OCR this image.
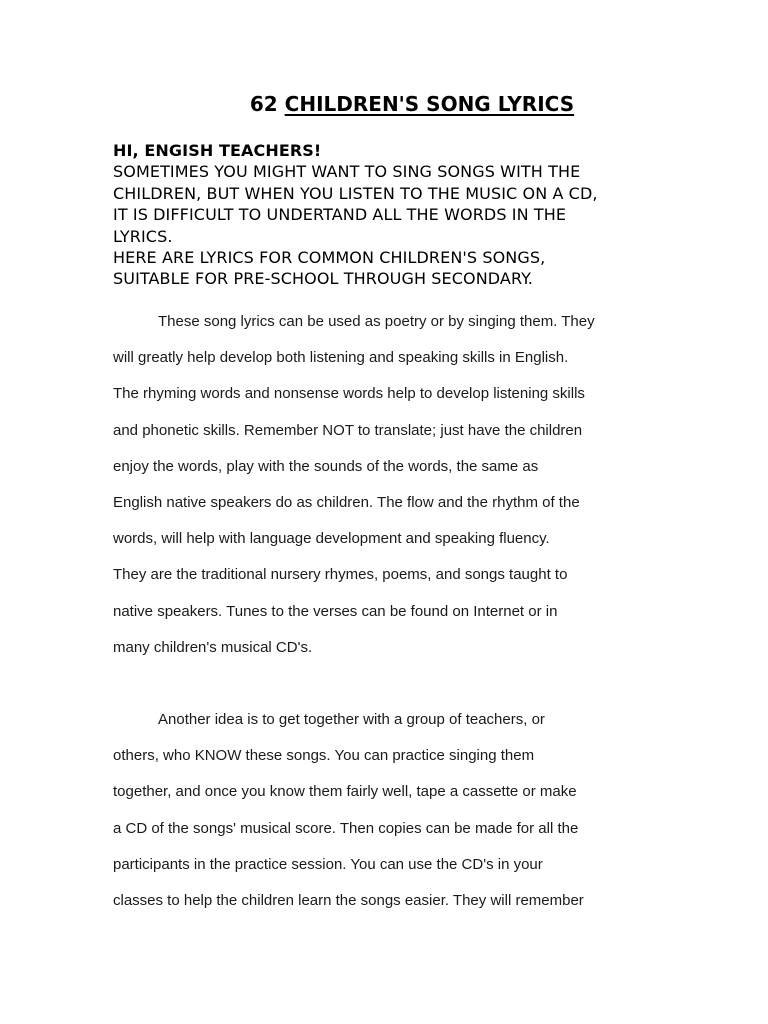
62 CHILDREN'S SONG LYRICS
HI, ENGISH TEACHERS!
SOMETIMES YOU MIGHT WANT TO SING SONGS WITH THE
CHILDREN, BUT WHEN YOU LISTEN TO THE MUSIC ON A CD,
IT IS DIFFICULT TO UNDERTAND ALL THE WORDS IN THE
LYRICS.
HERE ARE LYRICS FOR COMMON CHILDREN'S SONGS,
SUITABLE FOR PRE-SCHOOL THROUGH SECONDARY.
These song lyrics can be used as poetry or by singing them. They
will greatly help develop both listening and speaking skills in English.
The rhyming words and nonsense words help to develop listening skills
and phonetic skills. Remember NOT to translate; just have the children
enjoy the words, play with the sounds of the words, the same as
English native speakers do as children. The flow and the rhythm of the
words, will help with language development and speaking fluency.
They are the traditional nursery rhymes, poems, and songs taught to
native speakers. Tunes to the verses can be found on Internet or in
many children's musical CD's.
Another idea is to get together with a group of teachers, or
others, who KNOW these songs. You can practice singing them
together, and once you know them fairly well, tape a cassette or make
a CD of the songs' musical score. Then copies can be made for all the
participants in the practice session. You can use the CD's in your
classes to help the children learn the songs easier. They will remember
